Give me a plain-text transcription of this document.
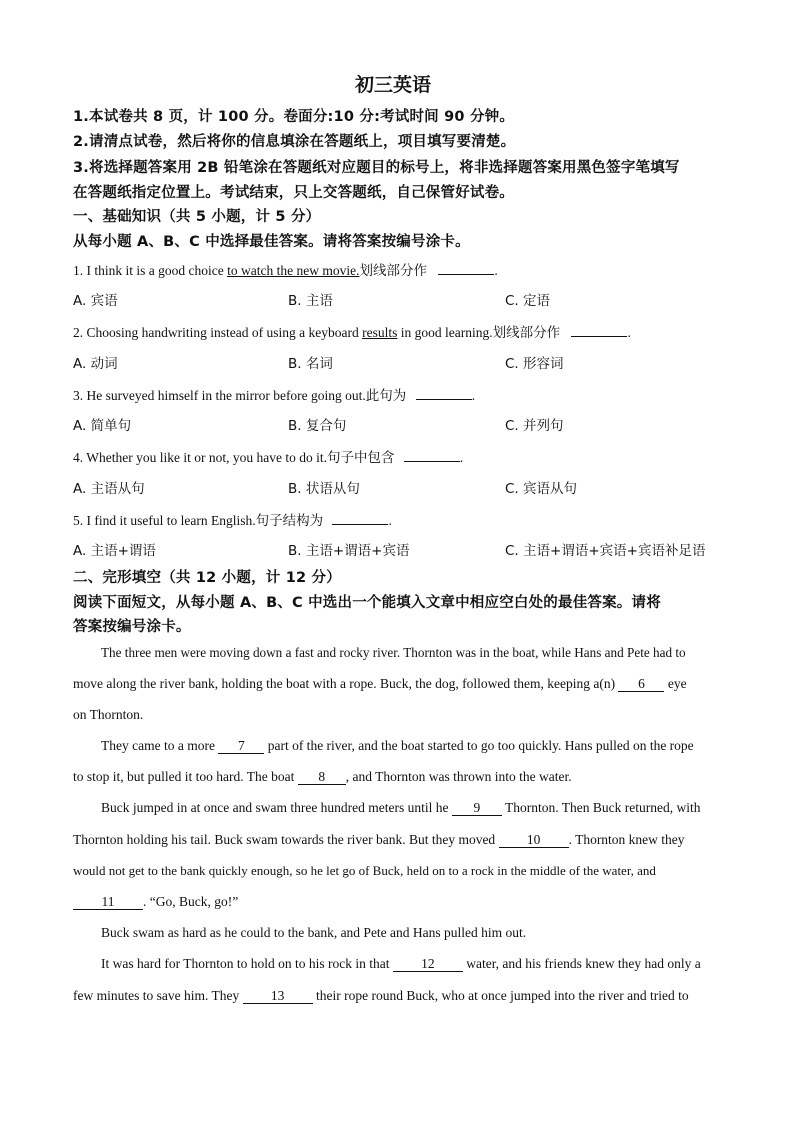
初三英语
1.本试卷共 8 页，计 100 分。卷面分:10 分:考试时间 90 分钟。
2.请清点试卷，然后将你的信息填涂在答题纸上，项目填写要清楚。
3.将选择题答案用 2B 铅笔涂在答题纸对应题目的标号上，将非选择题答案用黑色签字笔填写
在答题纸指定位置上。考试结束，只上交答题纸，自己保管好试卷。
一、基础知识（共 5 小题，计 5 分）
从每小题 A、B、C 中选择最佳答案。请将答案按编号涂卡。
1. I think it is a good choice to watch the new movie.划线部分作	.
A. 宾语	B. 主语	C. 定语
2. Choosing handwriting instead of using a keyboard results in good learning.划线部分作	.
A. 动词	B. 名词	C. 形容词
3. He surveyed himself in the mirror before going out.此句为	.
A. 简单句	B. 复合句	C. 并列句
4. Whether you like it or not, you have to do it.句子中包含	.
A. 主语从句	B. 状语从句	C. 宾语从句
5. I find it useful to learn English.句子结构为	.
A. 主语+谓语	B. 主语+谓语+宾语	C. 主语+谓语+宾语+宾语补足语
二、完形填空（共 12 小题，计 12 分）
阅读下面短文，从每小题 A、B、C 中选出一个能填入文章中相应空白处的最佳答案。请将
答案按编号涂卡。
The three men were moving down a fast and rocky river. Thornton was in the boat, while Hans and Pete had to
move along the river bank, holding the boat with a rope. Buck, the dog, followed them, keeping a(n) 6 eye
on Thornton.
They came to a more 7 part of the river, and the boat started to go too quickly. Hans pulled on the rope
to stop it, but pulled it too hard. The boat 8 , and Thornton was thrown into the water.
Buck jumped in at once and swam three hundred meters until he 9 Thornton. Then Buck returned, with
Thornton holding his tail. Buck swam towards the river bank. But they moved 10 . Thornton knew they
would not get to the bank quickly enough, so he let go of Buck, held on to a rock in the middle of the water, and
11 . “Go, Buck, go!”
Buck swam as hard as he could to the bank, and Pete and Hans pulled him out.
It was hard for Thornton to hold on to his rock in that 12 water, and his friends knew they had only a
few minutes to save him. They 13 their rope round Buck, who at once jumped into the river and tried to
